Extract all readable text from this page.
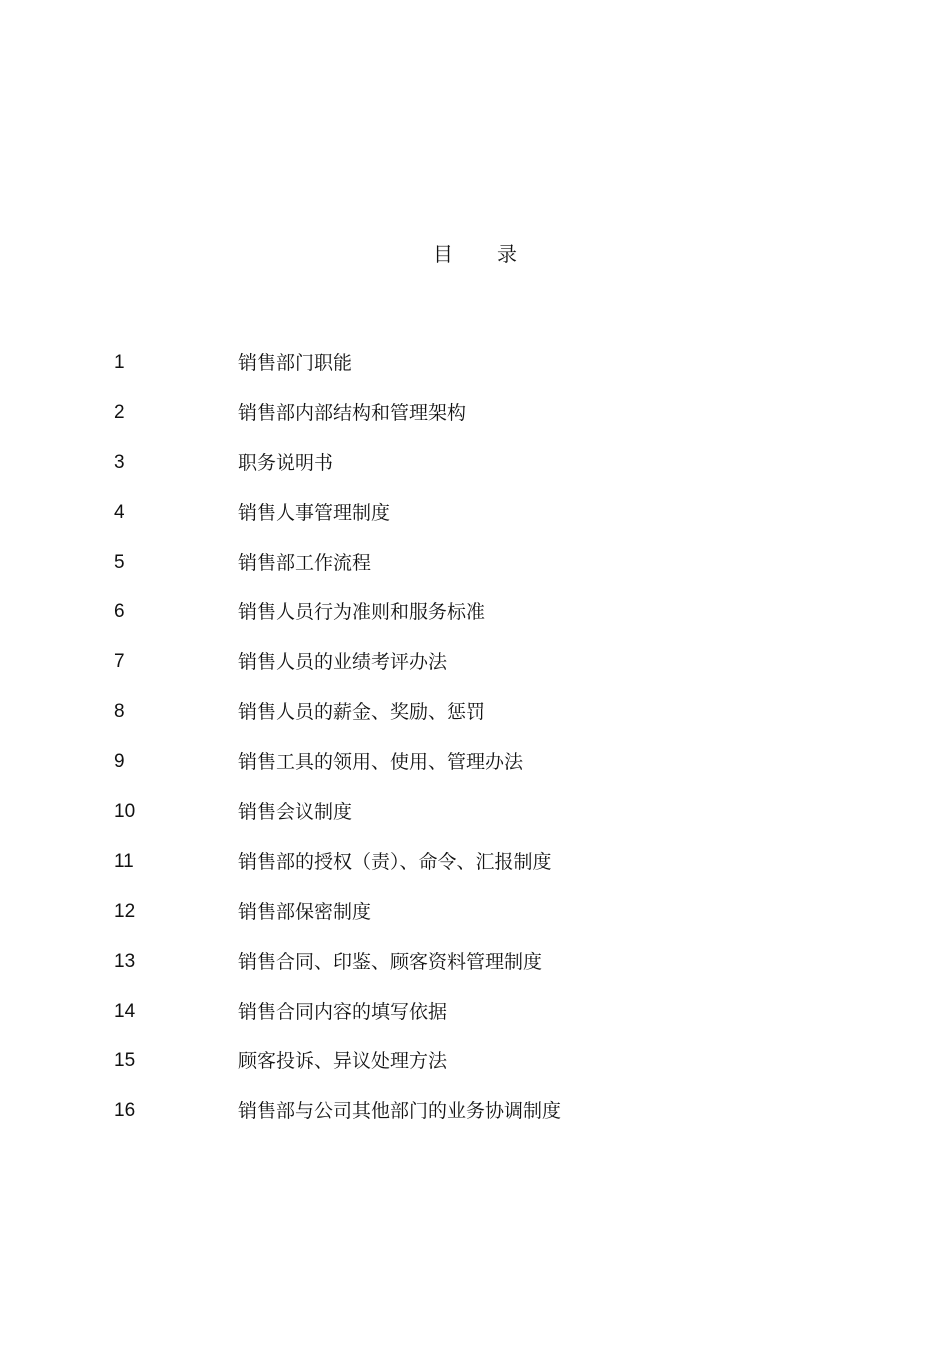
目 录
1	销售部门职能
2	销售部内部结构和管理架构
3	职务说明书
4	销售人事管理制度
5	销售部工作流程
6	销售人员行为准则和服务标准
7	销售人员的业绩考评办法
8	销售人员的薪金、奖励、惩罚
9	销售工具的领用、使用、管理办法
10	销售会议制度
11	销售部的授权（责）、命令、汇报制度
12	销售部保密制度
13	销售合同、印鉴、顾客资料管理制度
14	销售合同内容的填写依据
15	顾客投诉、异议处理方法
16	销售部与公司其他部门的业务协调制度
